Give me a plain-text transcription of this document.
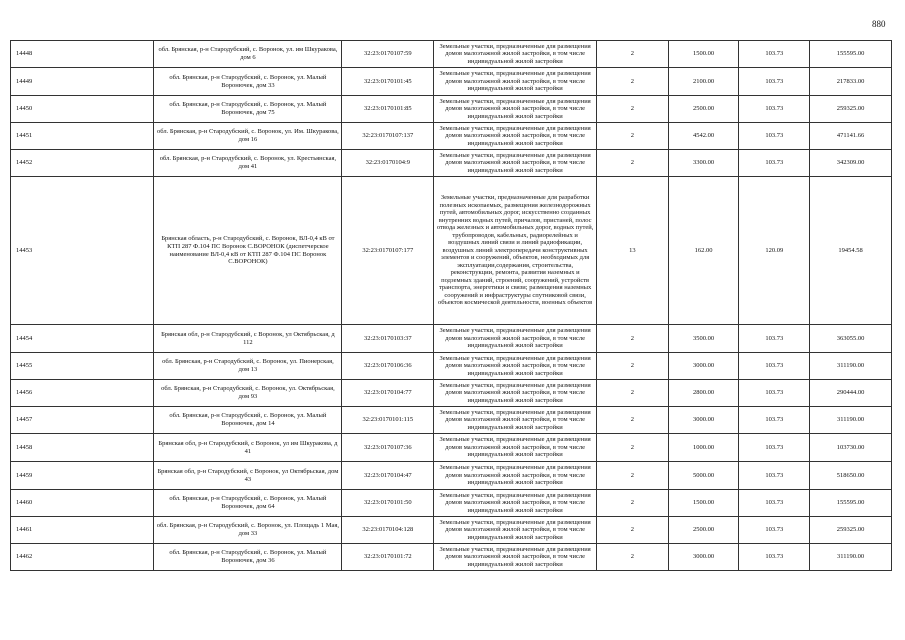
880
14448	обл. Брянская, р-н Стародубский, с. Воронок, ул. им Шкуракова, дом 6	32:23:0170107:59	Земельные участки, предназначенные для размещения домов малоэтажной жилой застройки, в том числе индивидуальной жилой застройки	2	1500.00	103.73	155595.00
14449	обл. Брянская, р-н Стародубский, с. Воронок, ул. Малый Воронючек, дом 33	32:23:0170101:45	Земельные участки, предназначенные для размещения домов малоэтажной жилой застройки, в том числе индивидуальной жилой застройки	2	2100.00	103.73	217833.00
14450	обл. Брянская, р-н Стародубский, с. Воронок, ул. Малый Воронючек, дом 75	32:23:0170101:85	Земельные участки, предназначенные для размещения домов малоэтажной жилой застройки, в том числе индивидуальной жилой застройки	2	2500.00	103.73	259325.00
14451	обл. Брянская, р-н Стародубский, с. Воронок, ул. Им. Шкуракова, дом 16	32:23:0170107:137	Земельные участки, предназначенные для размещения домов малоэтажной жилой застройки, в том числе индивидуальной жилой застройки	2	4542.00	103.73	471141.66
14452	обл. Брянская, р-н Стародубский, с. Воронок, ул. Крестьянская, дом 41	32:23:0170104:9	Земельные участки, предназначенные для размещения домов малоэтажной жилой застройки, в том числе индивидуальной жилой застройки	2	3300.00	103.73	342309.00
14453	Брянская область, р-н Стародубский, с. Воронок, ВЛ-0,4 кВ от КТП 287 Ф.104 ПС Воронок С.ВОРОНОК (диспетчерское наименование ВЛ-0,4 кВ от КТП 287 Ф.104 ПС Воронок С.ВОРОНОК)	32:23:0170107:177	Земельные участки, предназначенные для разработки полезных ископаемых, размещения железнодорожных путей, автомобильных дорог, искусственно созданных внутренних водных путей, причалов, пристаней, полос отвода железных и автомобильных дорог, водных путей, трубопроводов, кабельных, радиорелейных и воздушных линий связи и линий радиофикации, воздушных линий электропередачи конструктивных элементов и сооружений, объектов, необходимых для эксплуатации,содержания, строительства, реконструкции, ремонта, развития наземных и подземных зданий, строений, сооружений, устройств транспорта, энергетики и связи; размещения наземных сооружений и инфраструктуры спутниковой связи, объектов космической деятельности, военных объектов	13	162.00	120.09	19454.58
14454	Брянская обл, р-н Стародубский, с Воронок, ул Октябрьская, д 112	32:23:0170103:37	Земельные участки, предназначенные для размещения домов малоэтажной жилой застройки, в том числе индивидуальной жилой застройки	2	3500.00	103.73	363055.00
14455	обл. Брянская, р-н Стародубский, с. Воронок, ул. Пионерская, дом 13	32:23:0170106:36	Земельные участки, предназначенные для размещения домов малоэтажной жилой застройки, в том числе индивидуальной жилой застройки	2	3000.00	103.73	311190.00
14456	обл. Брянская, р-н Стародубский, с. Воронок, ул. Октябрьская, дом 93	32:23:0170104:77	Земельные участки, предназначенные для размещения домов малоэтажной жилой застройки, в том числе индивидуальной жилой застройки	2	2800.00	103.73	290444.00
14457	обл. Брянская, р-н Стародубский, с. Воронок, ул. Малый Воронючек, дом 14	32:23:0170101:115	Земельные участки, предназначенные для размещения домов малоэтажной жилой застройки, в том числе индивидуальной жилой застройки	2	3000.00	103.73	311190.00
14458	Брянская обл, р-н Стародубский, с Воронок, ул им Шкуракова, д 41	32:23:0170107:36	Земельные участки, предназначенные для размещения домов малоэтажной жилой застройки, в том числе индивидуальной жилой застройки	2	1000.00	103.73	103730.00
14459	Брянская обл, р-н Стародубский, с Воронок, ул Октябрьская, дом 43	32:23:0170104:47	Земельные участки, предназначенные для размещения домов малоэтажной жилой застройки, в том числе индивидуальной жилой застройки	2	5000.00	103.73	518650.00
14460	обл. Брянская, р-н Стародубский, с. Воронок, ул. Малый Воронючек, дом 64	32:23:0170101:50	Земельные участки, предназначенные для размещения домов малоэтажной жилой застройки, в том числе индивидуальной жилой застройки	2	1500.00	103.73	155595.00
14461	обл. Брянская, р-н Стародубский, с. Воронок, ул. Площадь 1 Мая, дом 33	32:23:0170104:128	Земельные участки, предназначенные для размещения домов малоэтажной жилой застройки, в том числе индивидуальной жилой застройки	2	2500.00	103.73	259325.00
14462	обл. Брянская, р-н Стародубский, с. Воронок, ул. Малый Воронючек, дом 36	32:23:0170101:72	Земельные участки, предназначенные для размещения домов малоэтажной жилой застройки, в том числе индивидуальной жилой застройки	2	3000.00	103.73	311190.00
